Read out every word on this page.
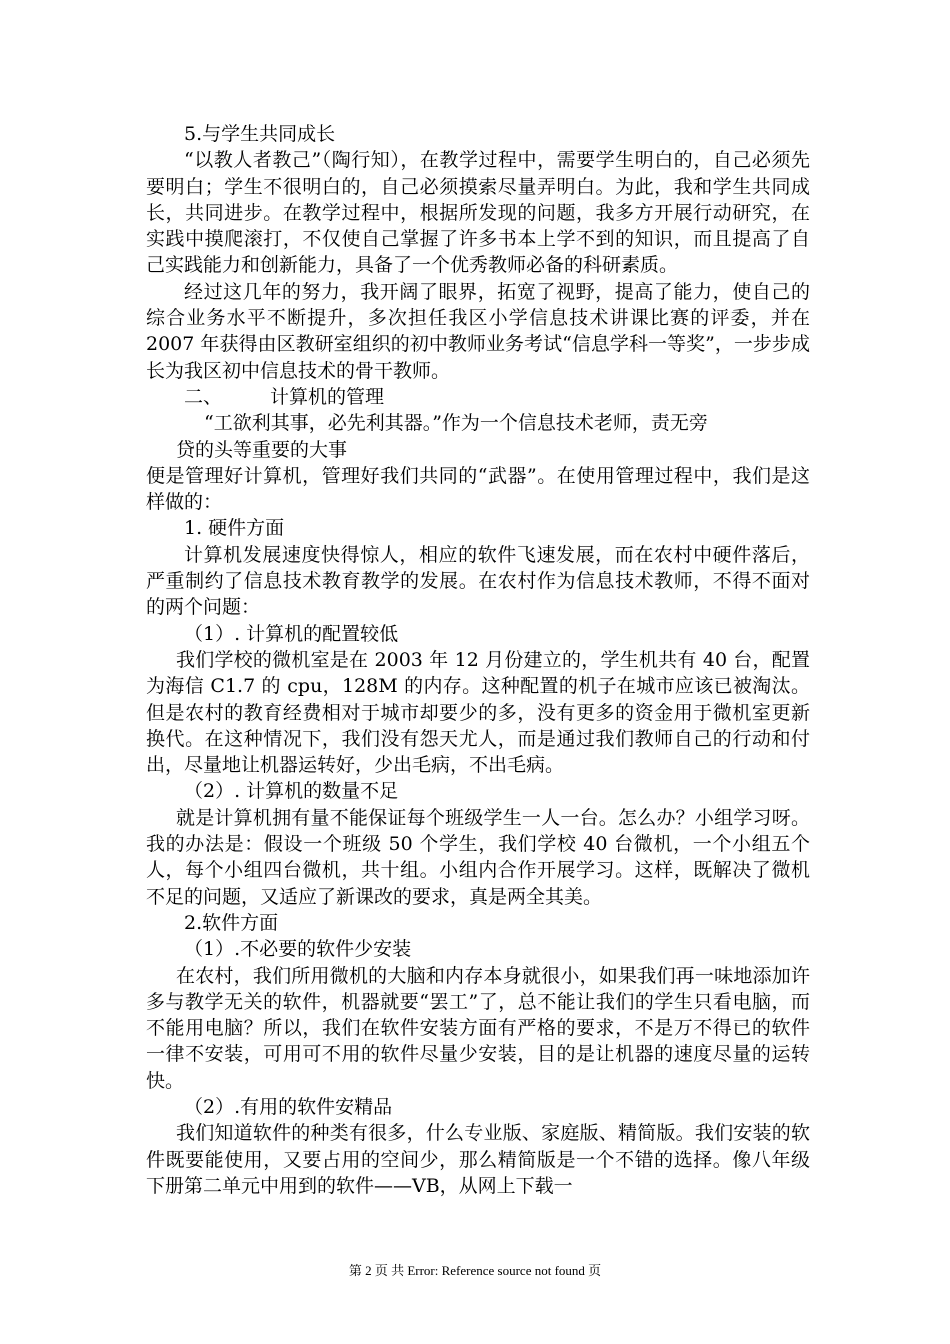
5.与学生共同成长

“以教人者教己”（陶行知），在教学过程中，需要学生明白的，自己必须先要明白；学生不很明白的，自己必须摸索尽量弄明白。为此，我和学生共同成长，共同进步。在教学过程中，根据所发现的问题，我多方开展行动研究，在实践中摸爬滚打，不仅使自己掌握了许多书本上学不到的知识，而且提高了自己实践能力和创新能力，具备了一个优秀教师必备的科研素质。

经过这几年的努力，我开阔了眼界，拓宽了视野，提高了能力，使自己的综合业务水平不断提升，多次担任我区小学信息技术讲课比赛的评委，并在 2007 年获得由区教研室组织的初中教师业务考试“信息学科一等奖”，一步步成长为我区初中信息技术的骨干教师。

二、	计算机的管理

“工欲利其事，必先利其器。”作为一个信息技术老师，责无旁

贷的头等重要的大事

便是管理好计算机，管理好我们共同的“武器”。在使用管理过程中，我们是这样做的：

1. 硬件方面

计算机发展速度快得惊人，相应的软件飞速发展，而在农村中硬件落后，严重制约了信息技术教育教学的发展。在农村作为信息技术教师，不得不面对的两个问题：

（1）. 计算机的配置较低

我们学校的微机室是在 2003 年 12 月份建立的，学生机共有 40 台，配置为海信 C1.7 的 cpu，128M 的内存。这种配置的机子在城市应该已被淘汰。但是农村的教育经费相对于城市却要少的多，没有更多的资金用于微机室更新换代。在这种情况下，我们没有怨天尤人，而是通过我们教师自己的行动和付出，尽量地让机器运转好，少出毛病，不出毛病。

（2）. 计算机的数量不足

就是计算机拥有量不能保证每个班级学生一人一台。怎么办？小组学习呀。我的办法是：假设一个班级 50 个学生，我们学校 40 台微机，一个小组五个人，每个小组四台微机，共十组。小组内合作开展学习。这样，既解决了微机不足的问题，又适应了新课改的要求，真是两全其美。

2.软件方面

（1）.不必要的软件少安装

在农村，我们所用微机的大脑和内存本身就很小，如果我们再一味地添加许多与教学无关的软件，机器就要“罢工”了，总不能让我们的学生只看电脑，而不能用电脑？所以，我们在软件安装方面有严格的要求，不是万不得已的软件一律不安装，可用可不用的软件尽量少安装，目的是让机器的速度尽量的运转快。

（2）.有用的软件安精品

我们知道软件的种类有很多，什么专业版、家庭版、精简版。我们安装的软件既要能使用，又要占用的空间少，那么精简版是一个不错的选择。像八年级下册第二单元中用到的软件——VB，从网上下载一

第 2 页 共 Error: Reference source not found 页
